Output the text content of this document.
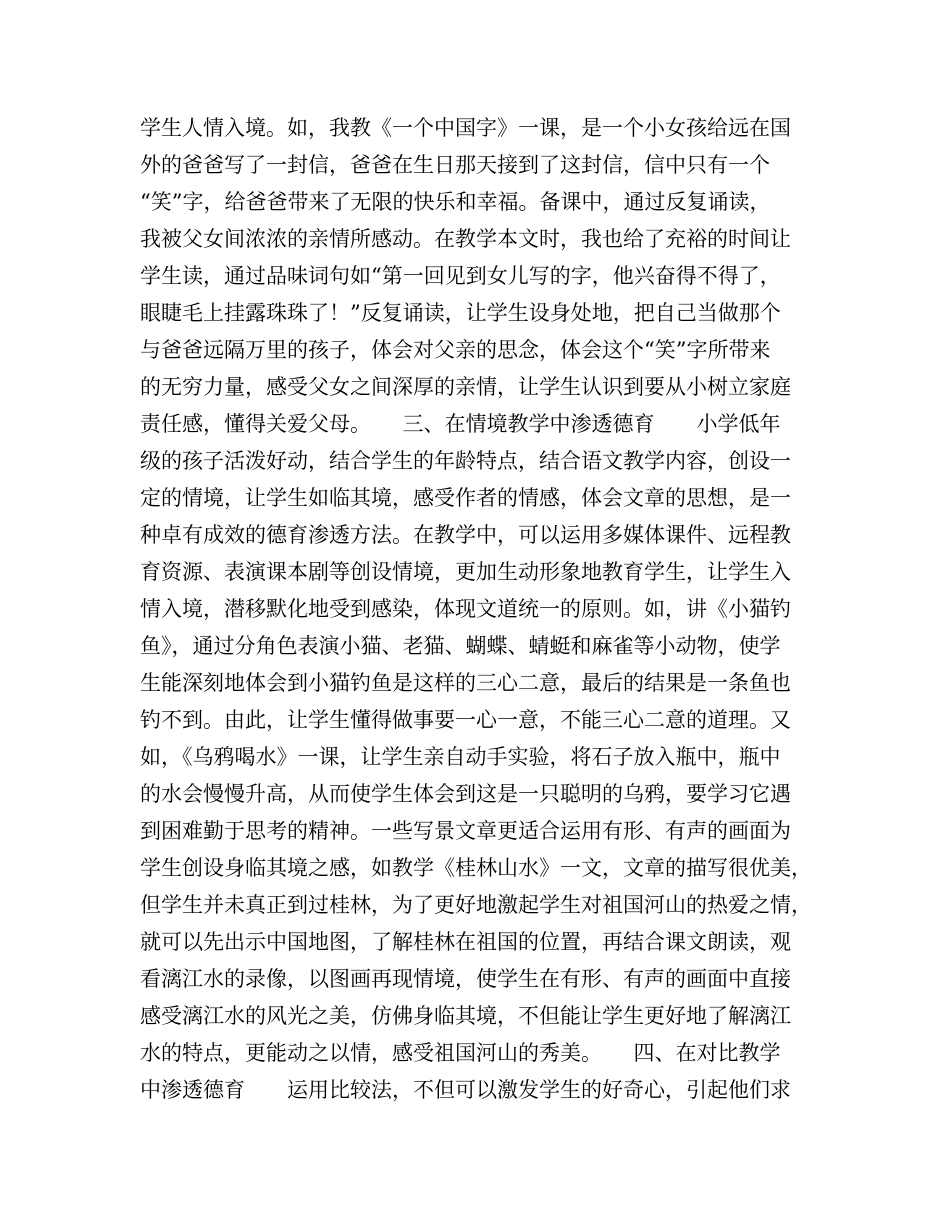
学生人情入境。如，我教《一个中国字》一课，是一个小女孩给远在国
外的爸爸写了一封信，爸爸在生日那天接到了这封信，信中只有一个
“笑”字，给爸爸带来了无限的快乐和幸福。备课中，通过反复诵读，
我被父女间浓浓的亲情所感动。在教学本文时，我也给了充裕的时间让
学生读，通过品味词句如“第一回见到女儿写的字，他兴奋得不得了，
眼睫毛上挂露珠珠了！”反复诵读，让学生设身处地，把自己当做那个
与爸爸远隔万里的孩子，体会对父亲的思念，体会这个“笑”字所带来
的无穷力量，感受父女之间深厚的亲情，让学生认识到要从小树立家庭
责任感，懂得关爱父母。　　三、在情境教学中渗透德育　　小学低年
级的孩子活泼好动，结合学生的年龄特点，结合语文教学内容，创设一
定的情境，让学生如临其境，感受作者的情感，体会文章的思想，是一
种卓有成效的德育渗透方法。在教学中，可以运用多媒体课件、远程教
育资源、表演课本剧等创设情境，更加生动形象地教育学生，让学生入
情入境，潜移默化地受到感染，体现文道统一的原则。如，讲《小猫钓
鱼》，通过分角色表演小猫、老猫、蝴蝶、蜻蜓和麻雀等小动物，使学
生能深刻地体会到小猫钓鱼是这样的三心二意，最后的结果是一条鱼也
钓不到。由此，让学生懂得做事要一心一意，不能三心二意的道理。又
如，《乌鸦喝水》一课，让学生亲自动手实验，将石子放入瓶中，瓶中
的水会慢慢升高，从而使学生体会到这是一只聪明的乌鸦，要学习它遇
到困难勤于思考的精神。一些写景文章更适合运用有形、有声的画面为
学生创设身临其境之感，如教学《桂林山水》一文，文章的描写很优美，
但学生并未真正到过桂林，为了更好地激起学生对祖国河山的热爱之情，
就可以先出示中国地图，了解桂林在祖国的位置，再结合课文朗读，观
看漓江水的录像，以图画再现情境，使学生在有形、有声的画面中直接
感受漓江水的风光之美，仿佛身临其境，不但能让学生更好地了解漓江
水的特点，更能动之以情，感受祖国河山的秀美。　　四、在对比教学
中渗透德育　　运用比较法，不但可以激发学生的好奇心，引起他们求
